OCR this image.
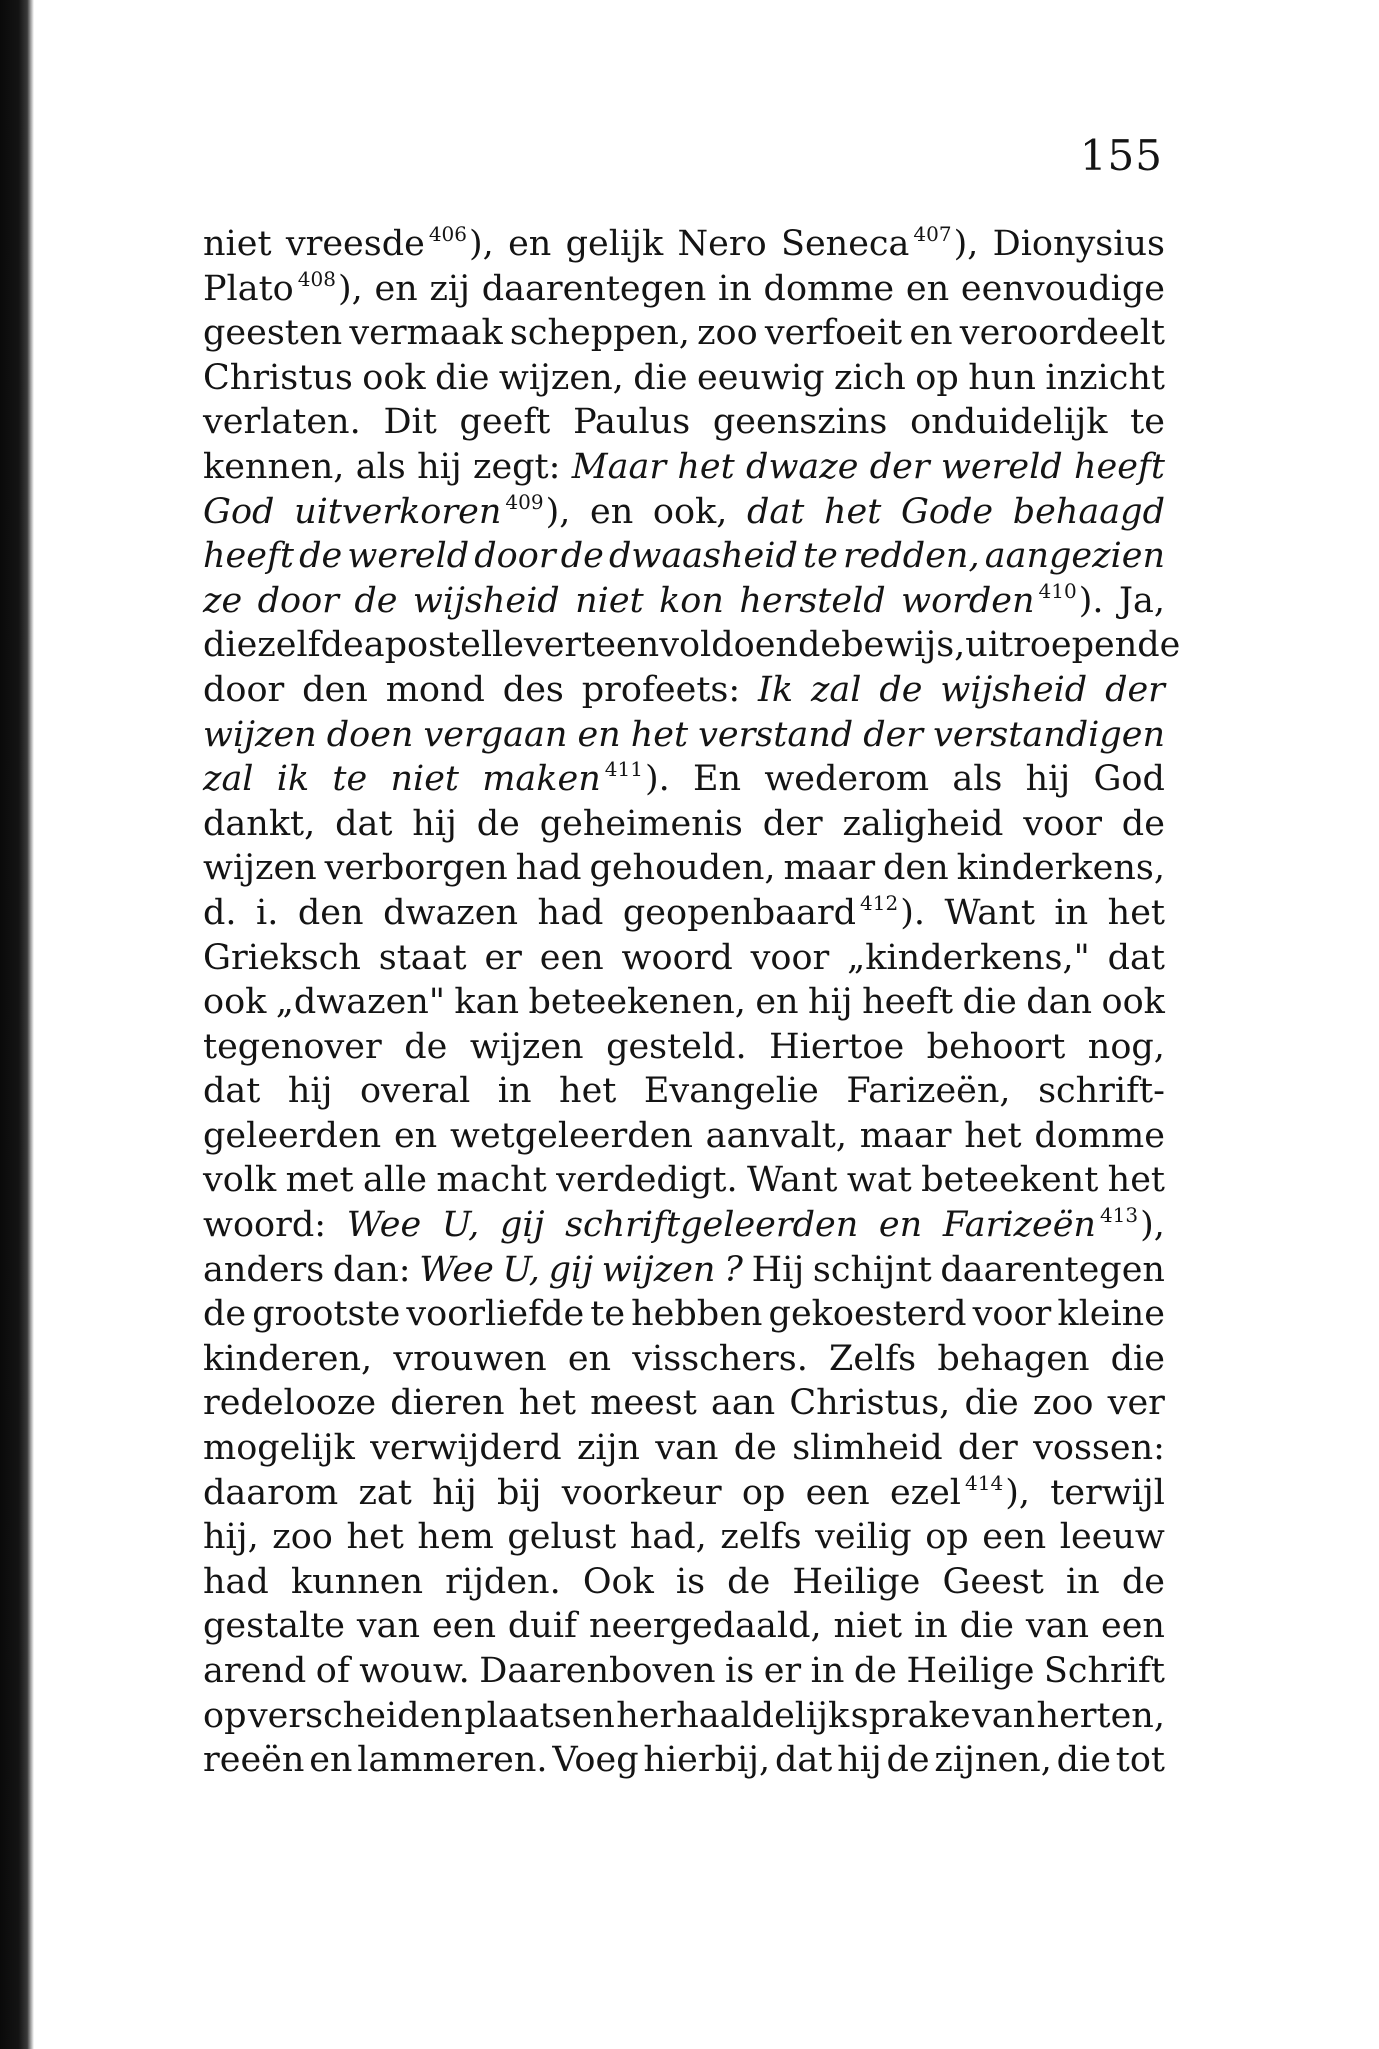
155
niet vreesde $^{406}$), en gelijk Nero Seneca $^{407}$), Dionysius
Plato $^{408}$), en zij daarentegen in domme en eenvoudige
geesten vermaak scheppen, zoo verfoeit en veroordeelt
Christus ook die wijzen, die eeuwig zich op hun inzicht
verlaten. Dit geeft Paulus geenszins onduidelijk te
kennen, als hij zegt: Maar het dwaze der wereld heeft
God uitverkoren $^{409}$), en ook, dat het Gode behaagd
heeft de wereld door de dwaasheid te redden, aangezien
ze door de wijsheid niet kon hersteld worden $^{410}$). Ja,
diezelfde apostel levert een voldoende bewijs, uitroepende
door den mond des profeets: Ik zal de wijsheid der
wijzen doen vergaan en het verstand der verstandigen
zal ik te niet maken $^{411}$). En wederom als hij God
dankt, dat hij de geheimenis der zaligheid voor de
wijzen verborgen had gehouden, maar den kinderkens,
d. i. den dwazen had geopenbaard $^{412}$). Want in het
Grieksch staat er een woord voor „kinderkens," dat
ook „dwazen" kan beteekenen, en hij heeft die dan ook
tegenover de wijzen gesteld. Hiertoe behoort nog,
dat hij overal in het Evangelie Farizeën, schrift-
geleerden en wetgeleerden aanvalt, maar het domme
volk met alle macht verdedigt. Want wat beteekent het
woord: Wee U, gij schriftgeleerden en Farizeën $^{413}$),
anders dan: Wee U, gij wijzen ? Hij schijnt daarentegen
de grootste voorliefde te hebben gekoesterd voor kleine
kinderen, vrouwen en visschers. Zelfs behagen die
redelooze dieren het meest aan Christus, die zoo ver
mogelijk verwijderd zijn van de slimheid der vossen:
daarom zat hij bij voorkeur op een ezel $^{414}$), terwijl
hij, zoo het hem gelust had, zelfs veilig op een leeuw
had kunnen rijden. Ook is de Heilige Geest in de
gestalte van een duif neergedaald, niet in die van een
arend of wouw. Daarenboven is er in de Heilige Schrift
op verscheiden plaatsen herhaaldelijk sprake van herten,
reeën en lammeren. Voeg hierbij, dat hij de zijnen, die tot
